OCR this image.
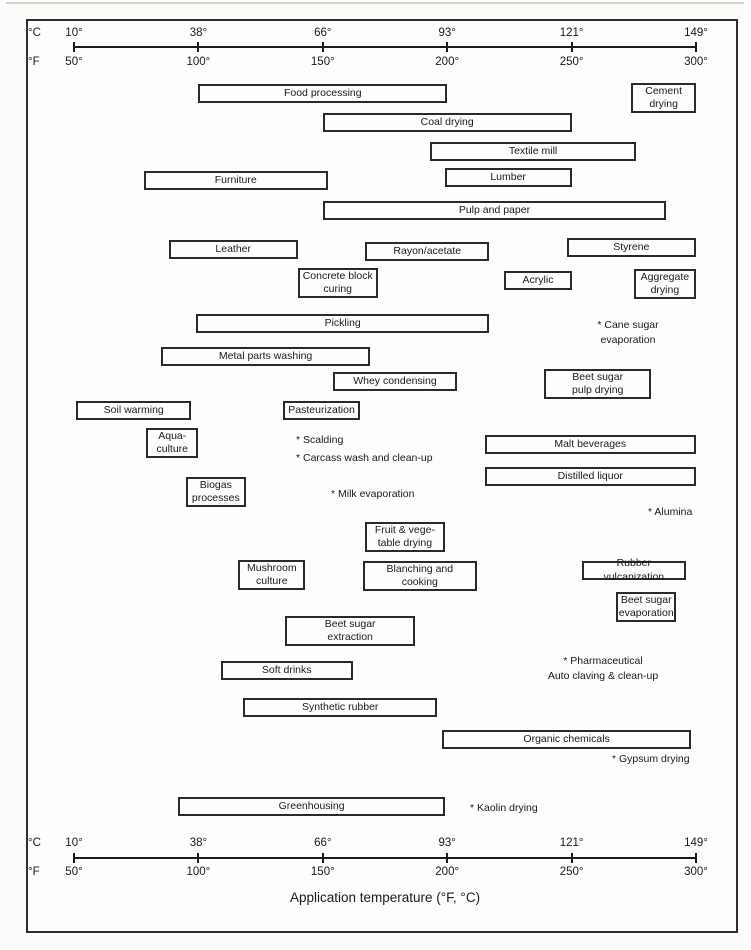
°C
°F
10°
50°
38°
100°
66°
150°
93°
200°
121°
250°
149°
300°
Food processing	Cement
drying
Coal drying
Textile mill
Furniture	Lumber
Pulp and paper
Leather	Rayon/acetate	Styrene
Concrete block
curing
Acrylic	Aggregate
drying
Pickling
Metal parts washing
Whey condensing	Beet sugar
pulp drying
Soil warming	Pasteurization
Aqua-
culture	Malt beverages
Distilled liquor
Biogas
processes
Fruit & vege-
table drying
Mushroom
culture
Blanching and
cooking
Rubber vulcanization
Beet sugar
evaporation
Beet sugar
extraction
Soft drinks
Synthetic rubber
Organic chemicals
Greenhousing
* Cane sugar
evaporation
* Scalding
* Carcass wash and clean-up
* Milk evaporation
* Alumina
* Pharmaceutical
Auto claving & clean-up
* Gypsum drying
* Kaolin drying
°C
°F
10°
50°
38°
100°
66°
150°
93°
200°
121°
250°
149°
300°
Application temperature (°F, °C)
